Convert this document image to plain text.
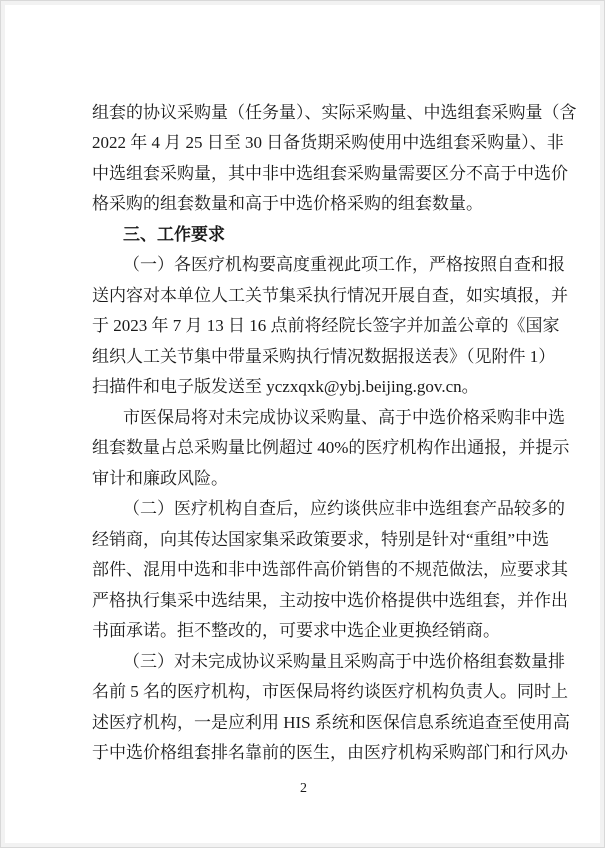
组套的协议采购量（任务量）、实际采购量、中选组套采购量（含
2022 年 4 月 25 日至 30 日备货期采购使用中选组套采购量）、非
中选组套采购量，其中非中选组套采购量需要区分不高于中选价
格采购的组套数量和高于中选价格采购的组套数量。
三、工作要求
（一）各医疗机构要高度重视此项工作，严格按照自查和报
送内容对本单位人工关节集采执行情况开展自查，如实填报，并
于 2023 年 7 月 13 日 16 点前将经院长签字并加盖公章的《国家
组织人工关节集中带量采购执行情况数据报送表》（见附件 1）
扫描件和电子版发送至 yczxqxk@ybj.beijing.gov.cn。
市医保局将对未完成协议采购量、高于中选价格采购非中选
组套数量占总采购量比例超过 40%的医疗机构作出通报，并提示
审计和廉政风险。
（二）医疗机构自查后，应约谈供应非中选组套产品较多的
经销商，向其传达国家集采政策要求，特别是针对“重组”中选
部件、混用中选和非中选部件高价销售的不规范做法，应要求其
严格执行集采中选结果，主动按中选价格提供中选组套，并作出
书面承诺。拒不整改的，可要求中选企业更换经销商。
（三）对未完成协议采购量且采购高于中选价格组套数量排
名前 5 名的医疗机构，市医保局将约谈医疗机构负责人。同时上
述医疗机构，一是应利用 HIS 系统和医保信息系统追查至使用高
于中选价格组套排名靠前的医生，由医疗机构采购部门和行风办
2
